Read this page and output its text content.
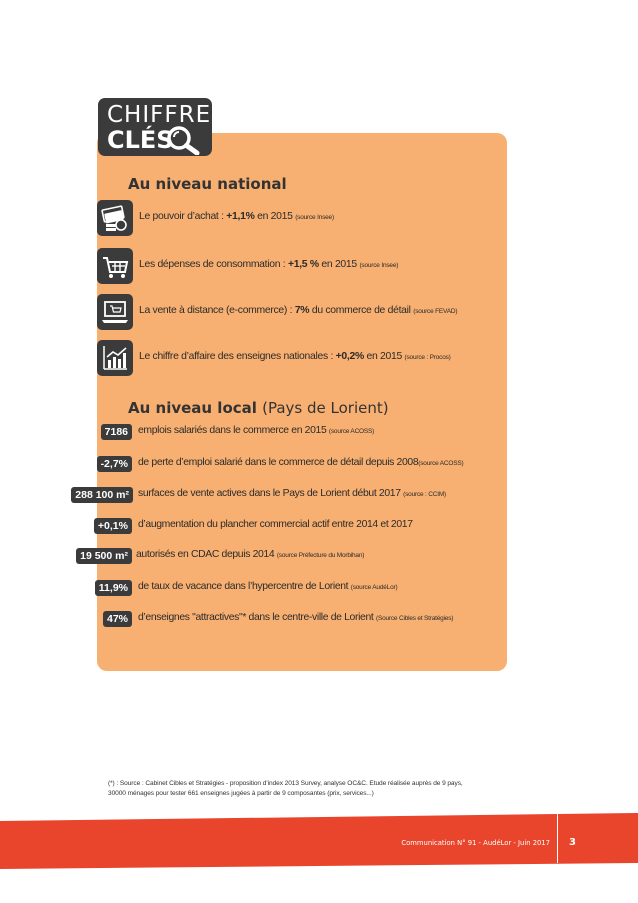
CHIFFRES
CLÉS
Au niveau national
Le pouvoir d’achat : +1,1% en 2015 (source Insee)
Les dépenses de consommation : +1,5 % en 2015 (source Insee)
La vente à distance (e-commerce) : 7% du commerce de détail (source FEVAD)
Le chiffre d’affaire des enseignes nationales : +0,2% en 2015 (source : Procos)
Au niveau local (Pays de Lorient)
7186 emplois salariés dans le commerce en 2015 (source ACOSS)
-2,7% de perte d’emploi salarié dans le commerce de détail depuis 2008(source ACOSS)
288 100 m² surfaces de vente actives dans le Pays de Lorient début 2017 (source : CCIM)
+0,1% d’augmentation du plancher commercial actif entre 2014 et 2017
19 500 m² autorisés en CDAC depuis 2014 (source Préfecture du Morbihan)
11,9% de taux de vacance dans l’hypercentre de Lorient (source AudéLor)
47% d’enseignes "attractives"* dans le centre-ville de Lorient (Source Cibles et Stratégies)
(*) : Source : Cabinet Cibles et Stratégies - proposition d’index 2013 Survey, analyse OC&C. Etude réalisée auprès de 9 pays,
30000 ménages pour tester 661 enseignes jugées à partir de 9 composantes (prix, services...)
Communication N° 91 - AudéLor - Juin 2017 3
